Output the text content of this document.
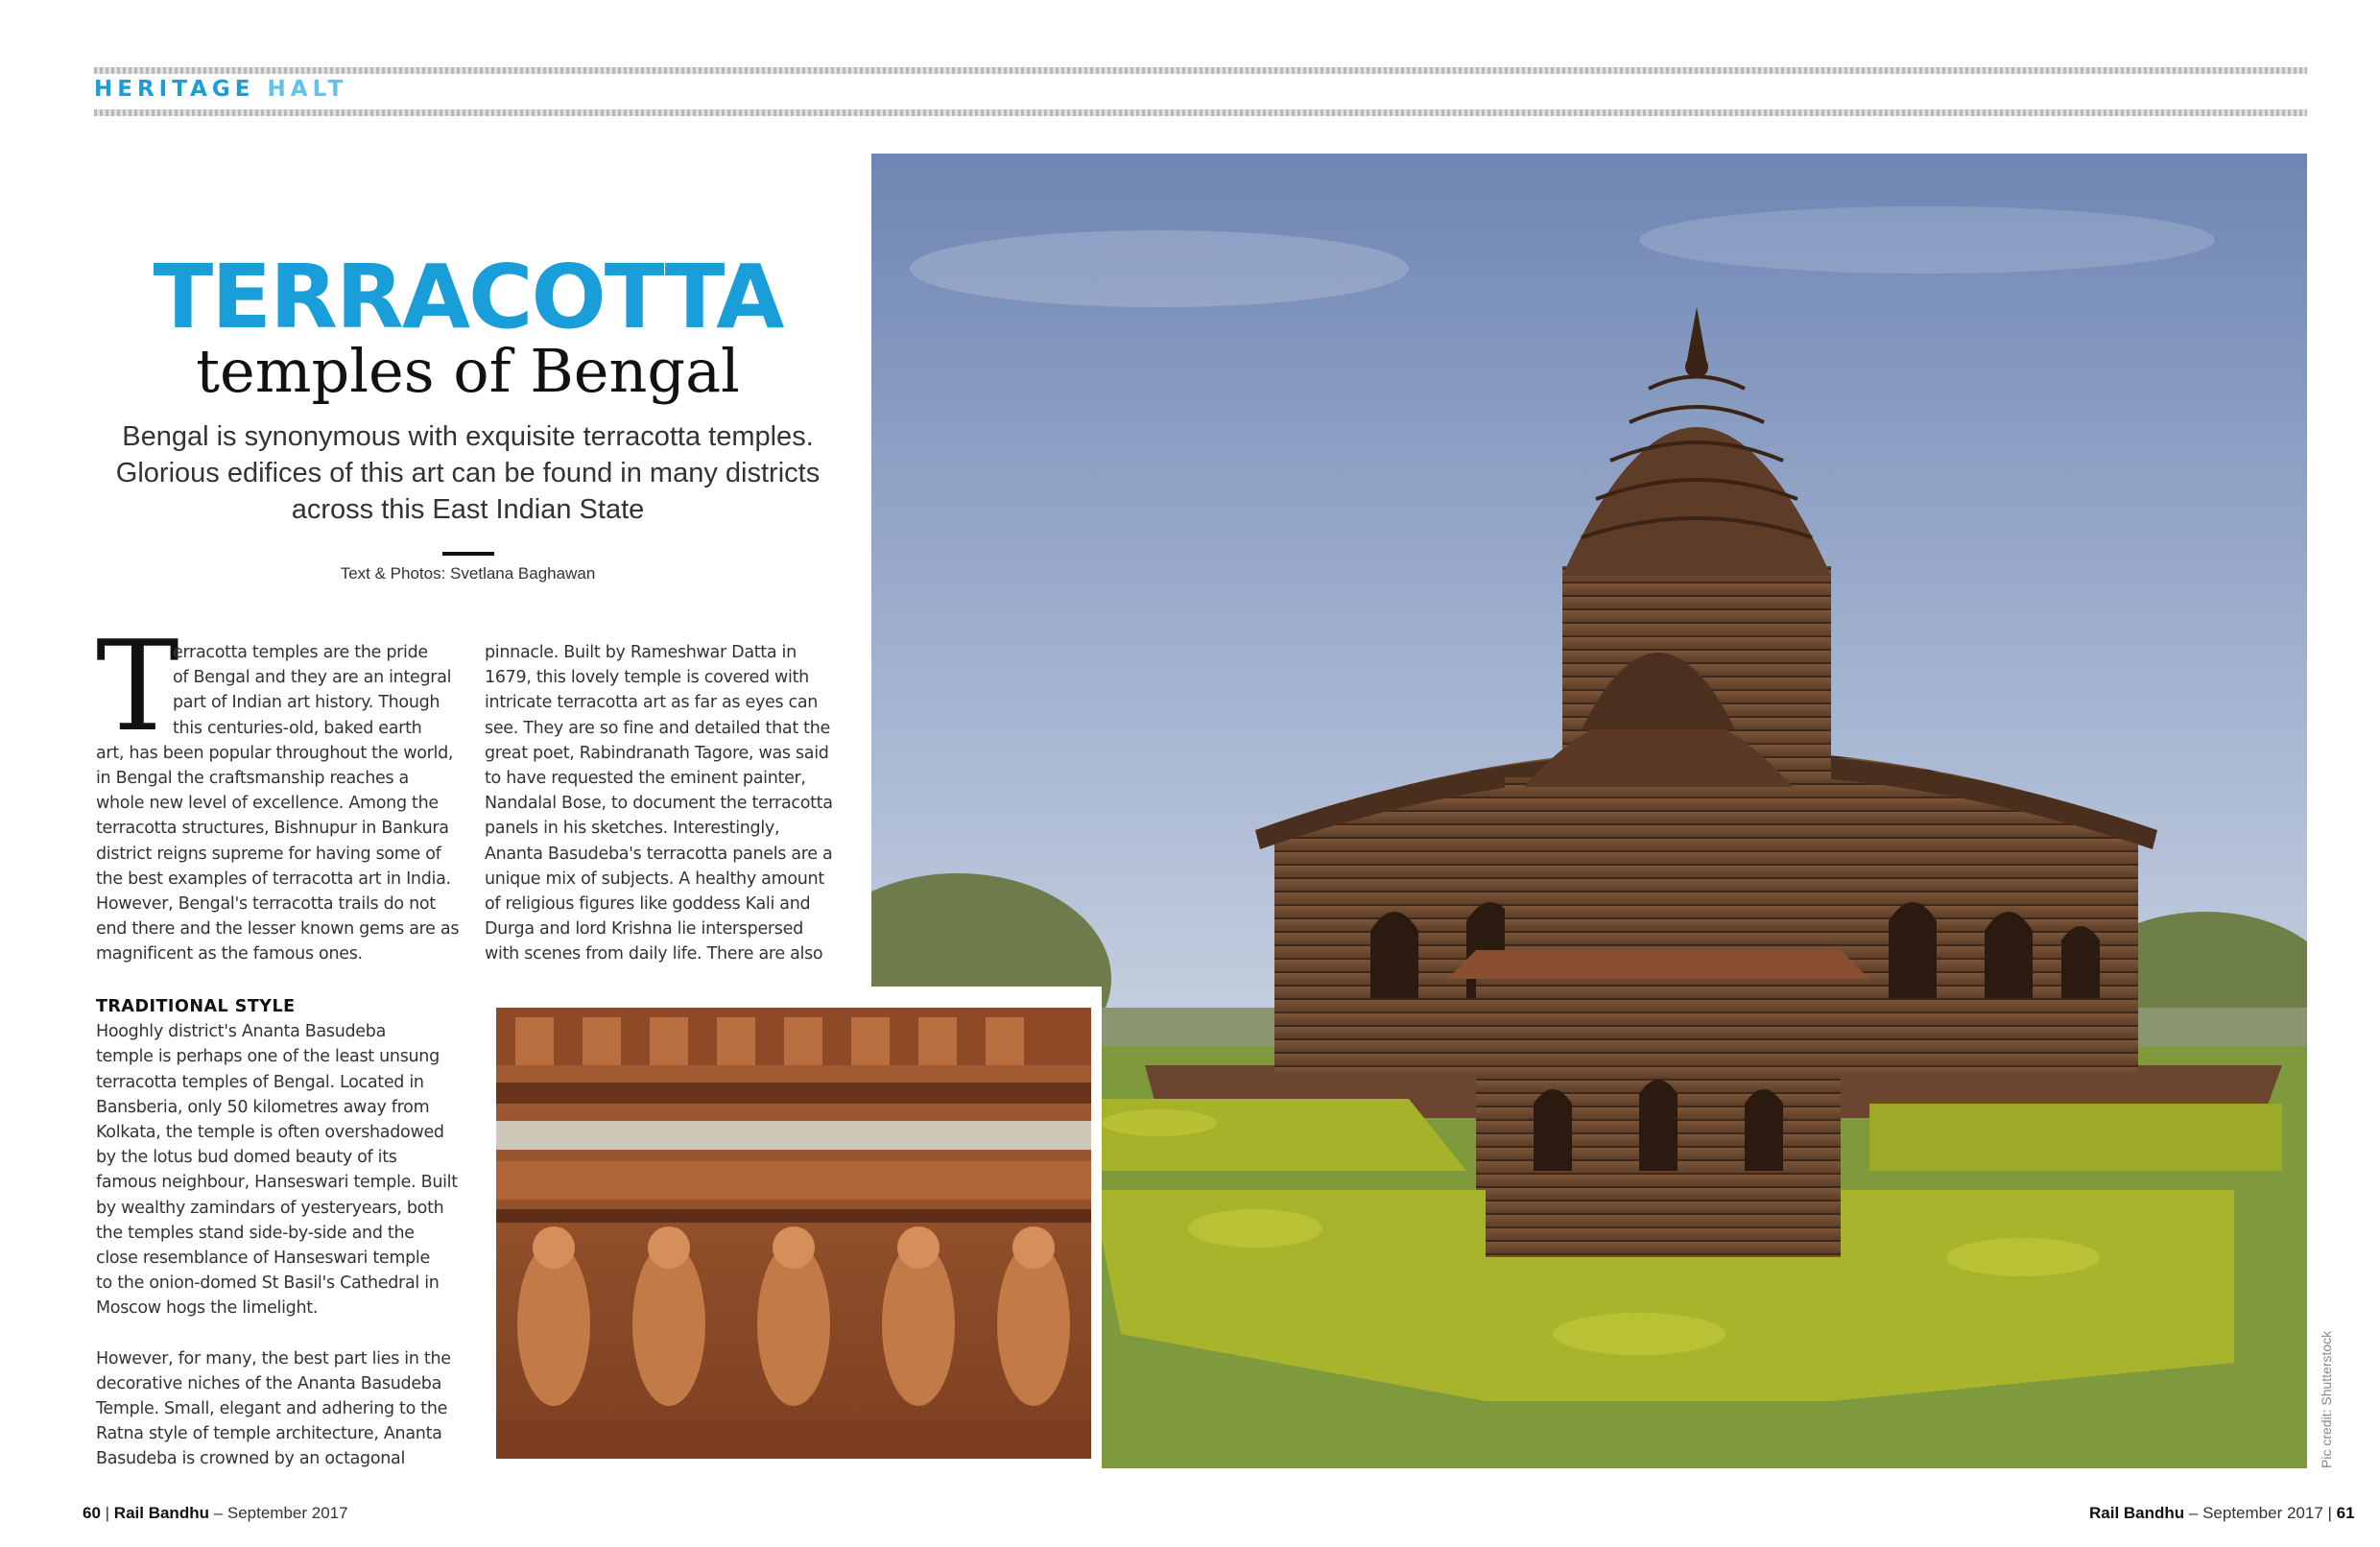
HERITAGE HALT
TERRACOTTA
temples of Bengal
Bengal is synonymous with exquisite terracotta temples.
Glorious edifices of this art can be found in many districts
across this East Indian State
Text & Photos: Svetlana Baghawan
T

erracotta temples are the pride

of Bengal and they are an integral

part of Indian art history. Though

this centuries-old, baked earth

art, has been popular throughout the world,

in Bengal the craftsmanship reaches a

whole new level of excellence. Among the

terracotta structures, Bishnupur in Bankura

district reigns supreme for having some of

the best examples of terracotta art in India.

However, Bengal's terracotta trails do not

end there and the lesser known gems are as

magnificent as the famous ones.

TRADITIONAL STYLE

Hooghly district's Ananta Basudeba

temple is perhaps one of the least unsung

terracotta temples of Bengal. Located in

Bansberia, only 50 kilometres away from

Kolkata, the temple is often overshadowed

by the lotus bud domed beauty of its

famous neighbour, Hanseswari temple. Built

by wealthy zamindars of yesteryears, both

the temples stand side-by-side and the

close resemblance of Hanseswari temple

to the onion-domed St Basil's Cathedral in

Moscow hogs the limelight.

However, for many, the best part lies in the

decorative niches of the Ananta Basudeba

Temple. Small, elegant and adhering to the

Ratna style of temple architecture, Ananta

Basudeba is crowned by an octagonal

pinnacle. Built by Rameshwar Datta in

1679, this lovely temple is covered with

intricate terracotta art as far as eyes can

see. They are so fine and detailed that the

great poet, Rabindranath Tagore, was said

to have requested the eminent painter,

Nandalal Bose, to document the terracotta

panels in his sketches. Interestingly,

Ananta Basudeba's terracotta panels are a

unique mix of subjects. A healthy amount

of religious figures like goddess Kali and

Durga and lord Krishna lie interspersed

with scenes from daily life. There are also

Pic credit: Shutterstock
60 | Rail Bandhu – September 2017	Rail Bandhu – September 2017 | 61
